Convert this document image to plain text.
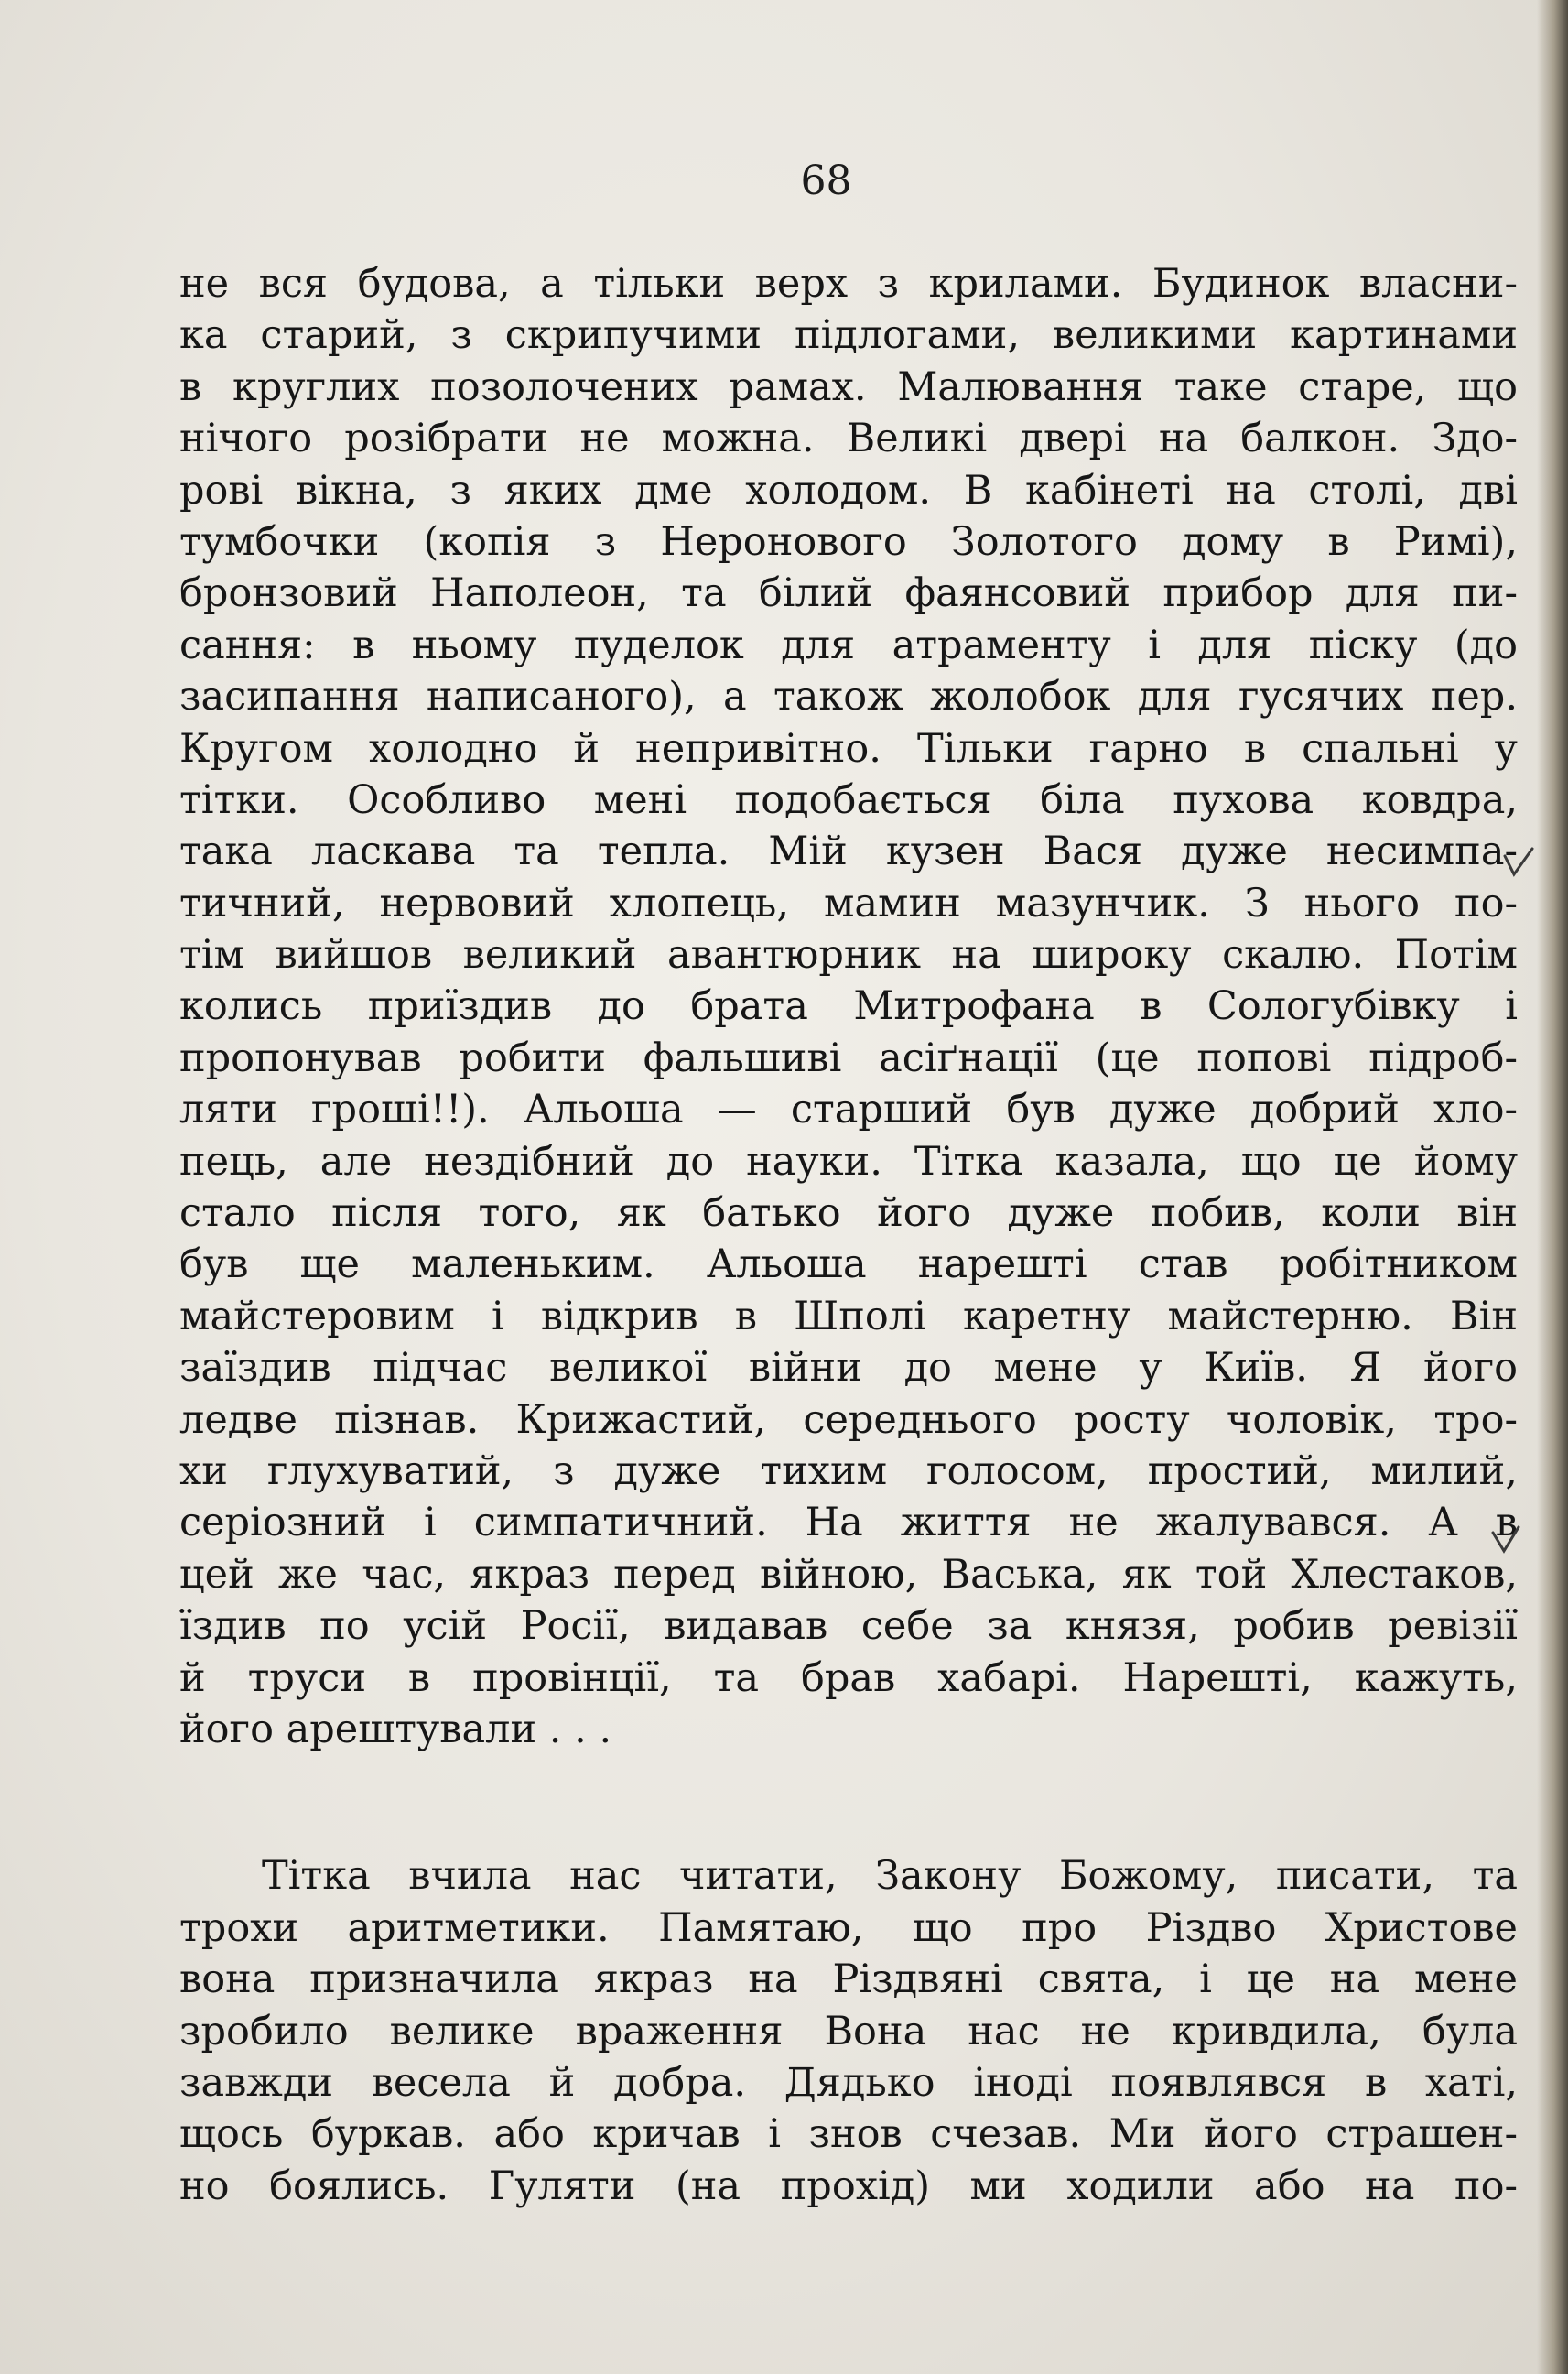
68
не вся будова, а тільки верх з крилами. Будинок власни-
ка старий, з скрипучими підлогами, великими картинами
в круглих позолочених рамах. Малювання таке старе, що
нічого розібрати не можна. Великі двері на балкон. Здо-
рові вікна, з яких дме холодом. В кабінеті на столі, дві
тумбочки (копія з Неронового Золотого дому в Римі),
бронзовий Наполеон, та білий фаянсовий прибор для пи-
сання: в ньому пуделок для атраменту і для піску (до
засипання написаного), а також жолобок для гусячих пер.
Кругом холодно й непривітно. Тільки гарно в спальні у
тітки. Особливо мені подобається біла пухова ковдра,
така ласкава та тепла. Мій кузен Вася дуже несимпа-
тичний, нервовий хлопець, мамин мазунчик. З нього по-
тім вийшов великий авантюрник на широку скалю. Потім
колись приїздив до брата Митрофана в Сологубівку і
пропонував робити фальшиві асіґнації (це попові підроб-
ляти гроші!!). Альоша — старший був дуже добрий хло-
пець, але нездібний до науки. Тітка казала, що це йому
стало після того, як батько його дуже побив, коли він
був ще маленьким. Альоша нарешті став робітником
майстеровим і відкрив в Шполі каретну майстерню. Він
заїздив підчас великої війни до мене у Київ. Я його
ледве пізнав. Крижастий, середнього росту чоловік, тро-
хи глухуватий, з дуже тихим голосом, простий, милий,
серіозний і симпатичний. На життя не жалувався. А в
цей же час, якраз перед війною, Васька, як той Хлестаков,
їздив по усій Росії, видавав себе за князя, робив ревізії
й труси в провінції, та брав хабарі. Нарешті, кажуть,
його арештували . . .
Тітка вчила нас читати, Закону Божому, писати, та
трохи аритметики. Памятаю, що про Різдво Христове
вона призначила якраз на Різдвяні свята, і це на мене
зробило велике враження Вона нас не кривдила, була
завжди весела й добра. Дядько іноді появлявся в хаті,
щось буркав. або кричав і знов счезав. Ми його страшен-
но боялись. Гуляти (на прохід) ми ходили або на по-
